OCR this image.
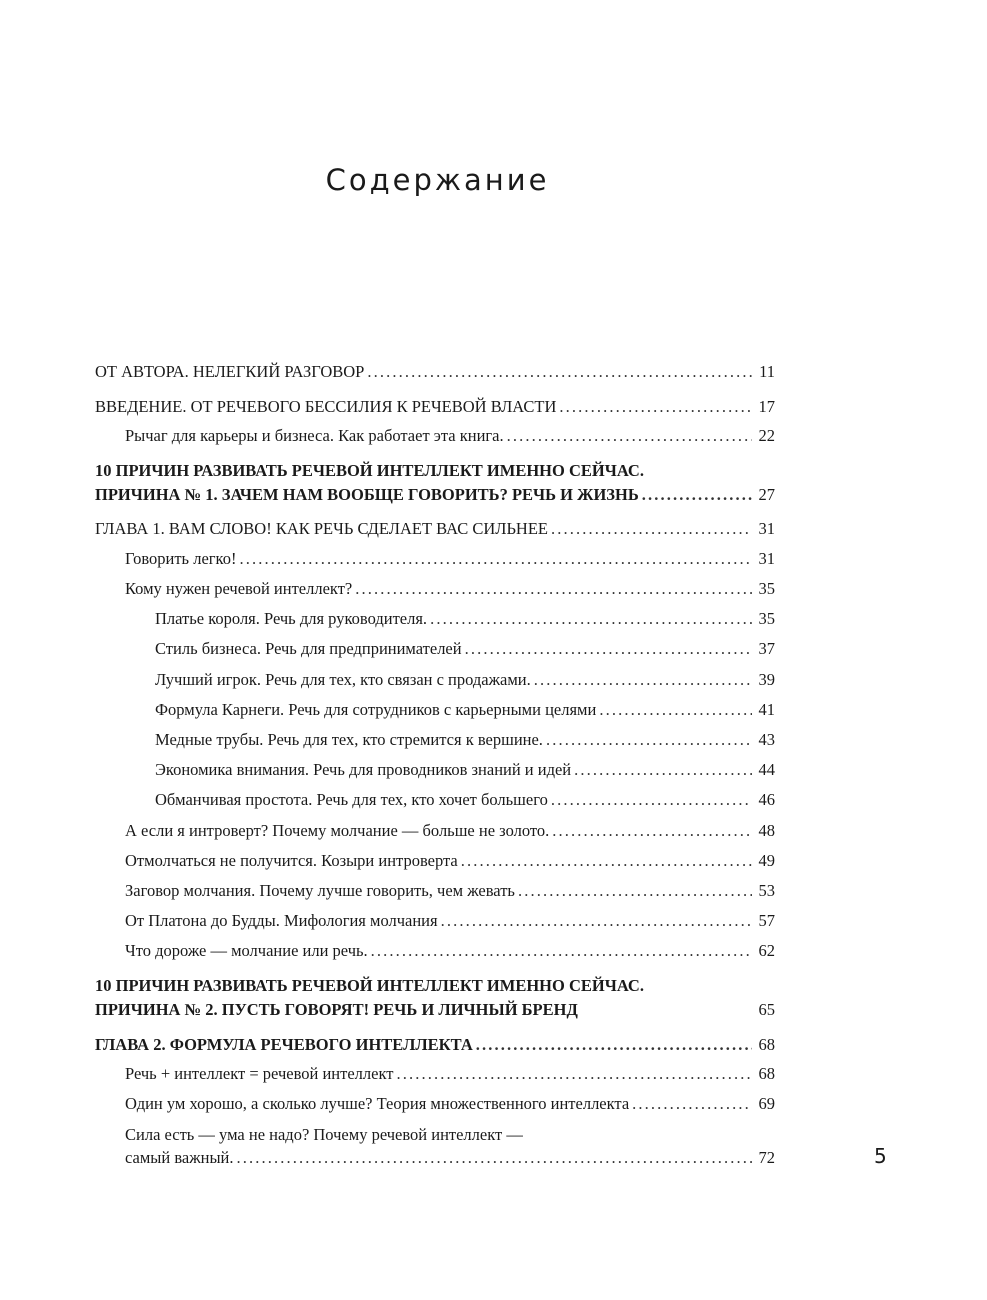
Содержание
ОТ АВТОРА. НЕЛЕГКИЙ РАЗГОВОР . . .	11
ВВЕДЕНИЕ. ОТ РЕЧЕВОГО БЕССИЛИЯ К РЕЧЕВОЙ ВЛАСТИ . . .	17
Рычаг для карьеры и бизнеса. Как работает эта книга. . . .	22
10 ПРИЧИН РАЗВИВАТЬ РЕЧЕВОЙ ИНТЕЛЛЕКТ ИМЕННО СЕЙЧАС.
ПРИЧИНА № 1. ЗАЧЕМ НАМ ВООБЩЕ ГОВОРИТЬ? РЕЧЬ И ЖИЗНЬ . . .	27
ГЛАВА 1. ВАМ СЛОВО! КАК РЕЧЬ СДЕЛАЕТ ВАС СИЛЬНЕЕ . . .	31
Говорить легко! . . .	31
Кому нужен речевой интеллект? . . .	35
Платье короля. Речь для руководителя. . . .	35
Стиль бизнеса. Речь для предпринимателей . . .	37
Лучший игрок. Речь для тех, кто связан с продажами. . . .	39
Формула Карнеги. Речь для сотрудников с карьерными целями . . .	41
Медные трубы. Речь для тех, кто стремится к вершине. . . .	43
Экономика внимания. Речь для проводников знаний и идей . . .	44
Обманчивая простота. Речь для тех, кто хочет большего . . .	46
А если я интроверт? Почему молчание — больше не золото. . . .	48
Отмолчаться не получится. Козыри интроверта . . .	49
Заговор молчания. Почему лучше говорить, чем жевать . . .	53
От Платона до Будды. Мифология молчания . . .	57
Что дороже — молчание или речь. . . .	62
10 ПРИЧИН РАЗВИВАТЬ РЕЧЕВОЙ ИНТЕЛЛЕКТ ИМЕННО СЕЙЧАС.
ПРИЧИНА № 2. ПУСТЬ ГОВОРЯТ! РЕЧЬ И ЛИЧНЫЙ БРЕНД	65
ГЛАВА 2. ФОРМУЛА РЕЧЕВОГО ИНТЕЛЛЕКТА . . .	68
Речь + интеллект = речевой интеллект . . .	68
Один ум хорошо, а сколько лучше? Теория множественного интеллекта . . .	69
Сила есть — ума не надо? Почему речевой интеллект —
самый важный. . . .	72	5
